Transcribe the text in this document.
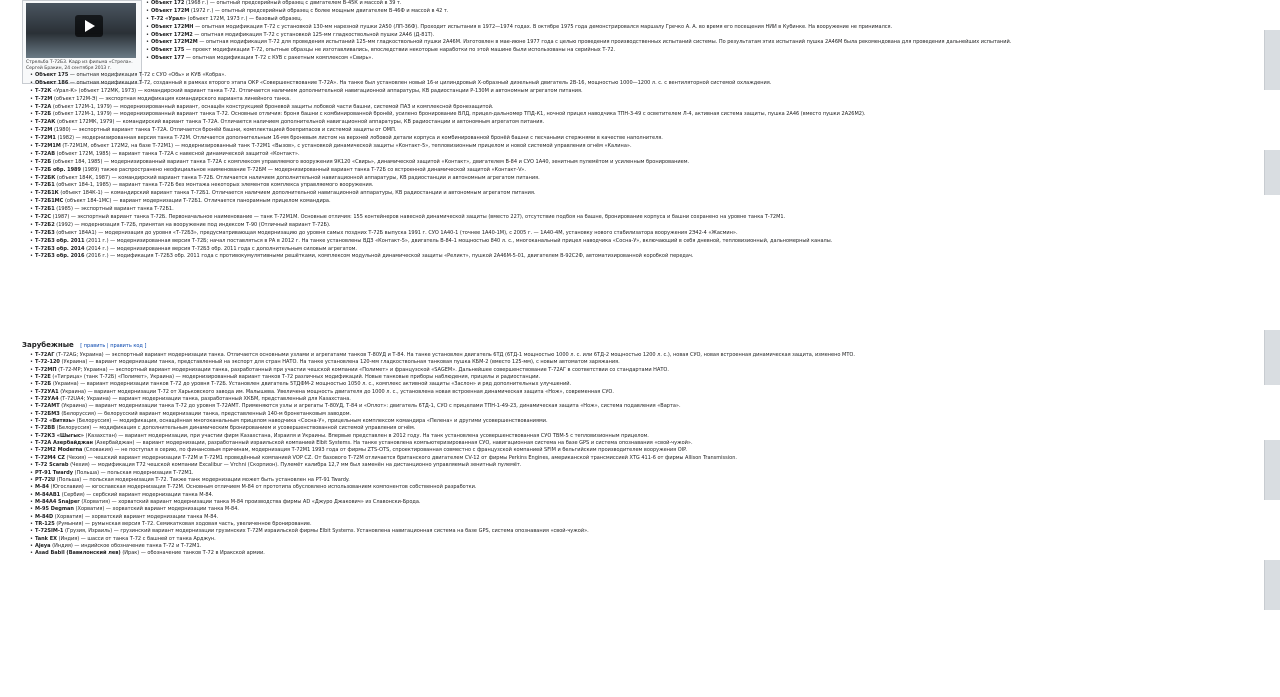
Стрельба Т-72Б3. Кадр из фильма «Стрела». Сергей Бракин, 24 сентября 2013 г.
• Объект 172 (1968 г.) — опытный предсерийный образец с двигателем В-45К и массой в 39 т.
• Объект 172М (1972 г.) — опытный предсерийный образец с более мощным двигателем В-46Ф и массой в 42 т.
• Т-72 «Урал» (объект 172М, 1973 г.) — базовый образец.
• Объект 172МН — опытная модификация Т-72 с установкой 130-мм нарезной пушки 2А50 (ЛП-36Ф). Проходит испытания в 1972—1974 годах. В октябре 1975 года демонстрировался маршалу Гречко А. А. во время его посещения НИИ в Кубинке. На вооружение не принимался.
• Объект 172М2 — опытная модификация Т-72 с установкой 125-мм гладкоствольной пушки 2А46 (Д-81Т).
• Объект 172М2М — опытная модификация Т-72 для проведения испытаний 125-мм гладкоствольной пушки 2А46М. Изготовлен в мае-июне 1977 года с целью проведения производственных испытаний системы. По результатам этих испытаний пушка 2А46М была рекомендована для проведения дальнейших испытаний.
• Объект 175 — проект модификации Т-72, опытные образцы не изготавливались, впоследствии некоторые наработки по этой машине были использованы на серийных Т-72.
• Объект 177 — опытная модификация Т-72 с КУВ с ракетным комплексом «Свирь».
• Объект 175 — опытная модификация Т-72 с СУО «Обь» и КУВ «Кобра».
• Объект 186 — опытная модификация Т-72, созданный в рамках второго этапа ОКР «Совершенствование Т-72А». На танке был установлен новый 16-и цилиндровый Х-образный дизельный двигатель 2В-16, мощностью 1000—1200 л. с. с вентиляторной системой охлаждения.
• Т-72К «Урал-К» (объект 172МК, 1973) — командирский вариант танка Т-72. Отличается наличием дополнительной навигационной аппаратуры, КВ радиостанции Р-130М и автономным агрегатом питания.
• Т-72М (объект 172М-Э) — экспортная модификация командирского варианта линейного танка.
• Т-72А (объект 172М-1, 1979) — модернизированный вариант, оснащён конструкцией броневой защиты лобовой части башни, системой ПАЗ и комплексной бронезащитой.
• Т-72Б (объект 172М-1, 1979) — модернизированный вариант танка Т-72. Основные отличия: броня башни с комбинированной бронёй, усилено бронирование ВЛД, прицел-дальномер ТПД-К1, ночной прицел наводчика ТПН-3-49 с осветителем Л-4, активная система защиты, пушка 2А46 (вместо пушки 2А26М2).
• Т-72АК (объект 172МК, 1979) — командирский вариант танка Т-72А. Отличается наличием дополнительной навигационной аппаратуры, КВ радиостанции и автономным агрегатом питания.
• Т-72М (1980) — экспортный вариант танка Т-72А. Отличается бронёй башни, комплектацией боеприпасов и системой защиты от ОМП.
• Т-72М1 (1982) — модернизированная версия танка Т-72М. Отличается дополнительным 16-мм броневым листом на верхней лобовой детали корпуса и комбинированной бронёй башни с песчаными стержнями в качестве наполнителя.
• Т-72М1М (Т-72М1М, объект 172М2, на базе Т-72М1) — модернизированный танк Т-72М1 «Вызов», с установкой динамической защиты «Контакт-5», тепловизионным прицелом и новой системой управления огнём «Калина».
• Т-72АВ (объект 172М, 1985) — вариант танка Т-72А с навесной динамической защитой «Контакт».
• Т-72Б (объект 184, 1985) — модернизированный вариант танка Т-72А с комплексом управляемого вооружения 9К120 «Свирь», динамической защитой «Контакт», двигателем В-84 и СУО 1А40, зенитным пулемётом и усиленным бронированием.
• Т-72Б обр. 1989 (1989) также распространено неофициальное наименование Т-72БМ — модернизированный вариант танка Т-72Б со встроенной динамической защитой «Контакт-V».
• Т-72БК (объект 184К, 1987) — командирский вариант танка Т-72Б. Отличается наличием дополнительной навигационной аппаратуры, КВ радиостанции и автономным агрегатом питания.
• Т-72Б1 (объект 184-1, 1985) — вариант танка Т-72Б без монтажа некоторых элементов комплекса управляемого вооружения.
• Т-72Б1К (объект 184К-1) — командирский вариант танка Т-72Б1. Отличается наличием дополнительной навигационной аппаратуры, КВ радиостанции и автономным агрегатом питания.
• Т-72Б1МС (объект 184-1МС) — вариант модернизации Т-72Б1. Отличается панорамным прицелом командира.
• Т-72Б1 (1985) — экспортный вариант танка Т-72Б1.
• Т-72С (1987) — экспортный вариант танка Т-72Б. Первоначальное наименование — танк Т-72М1М. Основные отличия: 155 контейнеров навесной динамической защиты (вместо 227), отсутствие подбоя на башне, бронирование корпуса и башни сохранено на уровне танка Т-72М1.
• Т-72Б2 (1992) — модернизация Т-72Б, принятая на вооружение под индексом Т-90 (Отличный вариант Т-72Б).
• Т-72Б3 (объект 184А1) — модернизация до уровня «Т-72Б3», предусматривающая модернизацию до уровня самых поздних Т-72Б выпуска 1991 г. СУО 1А40-1 (точнее 1А40-1М), с 2005 г. — 1А40-4М, установку нового стабилизатора вооружения 2Э42-4 «Жасмин».
• Т-72Б3 обр. 2011 (2011 г.) — модернизированная версия Т-72Б; начал поставляться в РА в 2012 г. На танке установлены ВДЗ «Контакт-5», двигатель В-84-1 мощностью 840 л. с., многоканальный прицел наводчика «Сосна-У», включающий в себя дневной, тепловизионный, дальномерный каналы.
• Т-72Б3 обр. 2014 (2014 г.) — модернизированная версия Т-72Б3 обр. 2011 года с дополнительным силовым агрегатом.
• Т-72Б3 обр. 2016 (2016 г.) — модификация Т-72Б3 обр. 2011 года с противокумулятивными решётками, комплексом модульной динамической защиты «Реликт», пушкой 2А46М-5-01, двигателем В-92С2Ф, автоматизированной коробкой передач.
Зарубежные [ править | править код ]
• Т-72АГ (Т-72АG; Украина) — экспортный вариант модернизации танка. Отличается основными узлами и агрегатами танков Т-80УД и Т-84. На танке установлен двигатель 6ТД (6ТД-1 мощностью 1000 л. с. или 6ТД-2 мощностью 1200 л. с.), новая СУО, новая встроенная динамическая защита, изменено МТО.
• Т-72-120 (Украина) — вариант модернизации танка, представленный на экспорт для стран НАТО. На танке установлена 120-мм гладкоствольная танковая пушка КБМ-2 (вместо 125-мм), с новым автоматом заряжания.
• Т-72МП (Т-72-МР; Украина) — экспортный вариант модернизации танка, разработанный при участии чешской компании «Полимет» и французской «SAGEM». Дальнейшее совершенствование Т-72АГ в соответствии со стандартами НАТО.
• Т-72Е («Тигрица» (танк Т-72Б) «Полимет», Украина) — модернизированный вариант танков Т-72 различных модификаций. Новые танковые приборы наблюдения, прицелы и радиостанции.
• Т-72Б (Украина) — вариант модернизации танков Т-72 до уровня Т-72Б. Установлен двигатель 5ТДФМ-2 мощностью 1050 л. с., комплекс активной защиты «Заслон» и ряд дополнительных улучшений.
• Т-72УА1 (Украина) — вариант модернизации Т-72 от Харьковского завода им. Малышева. Увеличена мощность двигателя до 1000 л. с., установлена новая встроенная динамическая защита «Нож», современная СУО.
• Т-72УА4 (Т-72UA4; Украина) — вариант модернизации танка, разработанный ХКБМ, представленный для Казахстана.
• Т-72АМТ (Украина) — вариант модернизации танка Т-72 до уровня Т-72АМТ. Применяются узлы и агрегаты Т-80УД, Т-84 и «Оплот»: двигатель 6ТД-1, СУО с прицелами ТПН-1-49-23, динамическая защита «Нож», система подавления «Варта».
• Т-72БМЗ (Белоруссия) — белорусский вариант модернизации танка, представленный 140-м бронетанковым заводом.
• Т-72 «Витязь» (Белоруссия) — модификация, оснащённая многоканальным прицелом наводчика «Сосна-У», прицельным комплексом командира «Пелена» и другими усовершенствованиями.
• Т-72ВВ (Белоруссия) — модификация с дополнительным динамическим бронированием и усовершенствованной системой управления огнём.
• Т-72КЗ «Шыгыс» (Казахстан) — вариант модернизации, при участии фирм Казахстана, Израиля и Украины. Впервые представлен в 2012 году. На танк установлена усовершенствованная СУО ТВМ-5 с тепловизионным прицелом.
• Т-72А Азербайджан (Азербайджан) — вариант модернизации, разработанный израильской компанией Elbit Systems. На танке установлена компьютеризированная СУО, навигационная система на базе GPS и система опознавания «свой-чужой».
• Т-72М2 Moderna (Словакия) — не поступал в серию, по финансовым причинам, модернизация Т-72М1 1993 года от фирмы ZTS-OTS, спроектированная совместно с французской компанией SFIM и бельгийским производителем вооружения OIP.
• Т-72М4 CZ (Чехия) — чешский вариант модернизации Т-72М и Т-72М1 проведённый компанией VOP CZ. От базового Т-72М отличается британского двигателем CV-12 от фирмы Perkins Engines, американской трансмиссией XTG 411-6 от фирмы Allison Transmission.
• Т-72 Scarab (Чехия) — модификация Т72 чешской компании Excalibur — Vrchní (Скорпион). Пулемёт калибра 12,7 мм был заменён на дистанционно управляемый зенитный пулемёт.
• РТ-91 Twardy (Польша) — польская модернизация Т-72М1.
• РТ-72U (Польша) — польская модернизация Т-72. Также танк модернизации может быть установлен на РТ-91 Twardy.
• M-84 (Югославия) — югославская модернизация Т-72М. Основным отличием М-84 от прототипа обусловлено использованием компонентов собственной разработки.
• M-84AB1 (Сербия) — сербский вариант модернизации танка M-84.
• M-84A4 Snajper (Хорватия) — хорватский вариант модернизации танка M-84 производства фирмы AD «Джуро Джакович» из Славонски-Брода.
• M-95 Degman (Хорватия) — хорватский вариант модернизации танка M-84.
• M-84D (Хорватия) — хорватский вариант модернизации танка М-84.
• TR-125 (Румыния) — румынская версия Т-72. Семикатковая ходовая часть, увеличенное бронирование.
• Т-72SIM-1 (Грузия, Израиль) — грузинский вариант модернизации грузинских Т-72М израильской фирмы Elbit Systems. Установлена навигационная система на базе GPS, система опознавания «свой-чужой».
• Tank EX (Индия) — шасси от танка Т-72 с башней от танка Арджун.
• Ajeya (Индия) — индийское обозначение танка Т-72 и Т-72М1.
• Asad Babil (Вавилонский лев) (Ирак) — обозначение танков Т-72 в Иракской армии.
